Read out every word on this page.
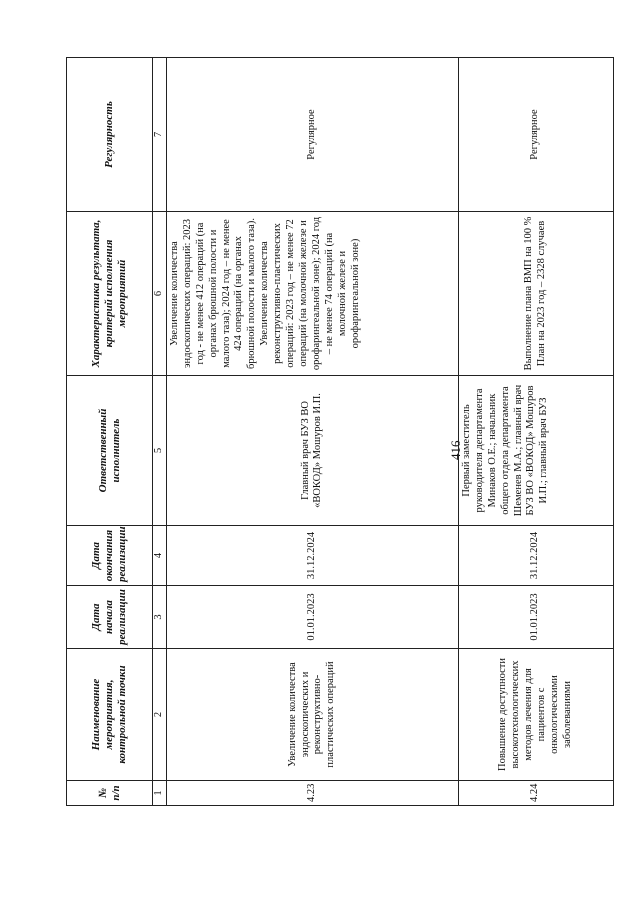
416
№ п/п	Наименование мероприятия, контрольной точки	Дата начала реализации	Дата окончания реализации	Ответственный исполнитель	Характеристика результата, критерий исполнения мероприятий	Регулярность
1	2	3	4	5	6	7
4.23	Увеличение количества эндоскопических и реконструктивно-пластических операций	01.01.2023	31.12.2024	Главный врач БУЗ ВО «ВОКОД» Мошуров И.П.	Увеличение количества эндоскопических операций: 2023 год - не менее 412 операций (на органах брюшной полости и малого таза); 2024 год – не менее 424 операций (на органах брюшной полости и малого таза). Увеличение количества реконструктивно-пластических операций: 2023 год – не менее 72 операций (на молочной железе и орофарингеальной зоне); 2024 год – не менее 74 операций (на молочной железе и орофарингеальной зоне)	Регулярное
4.24	Повышение доступности высокотехнологических методов лечения для пациентов с онкологическими заболеваниями	01.01.2023	31.12.2024	Первый заместитель руководителя департамента Минаков О.Е.; начальник общего отдела департамента Шеменев М.А.; главный врач БУЗ ВО «ВОКОД» Мошуров И.П.; главный врач БУЗ	Выполнение плана ВМП на 100 % План на 2023 год – 2328 случаев	Регулярное
